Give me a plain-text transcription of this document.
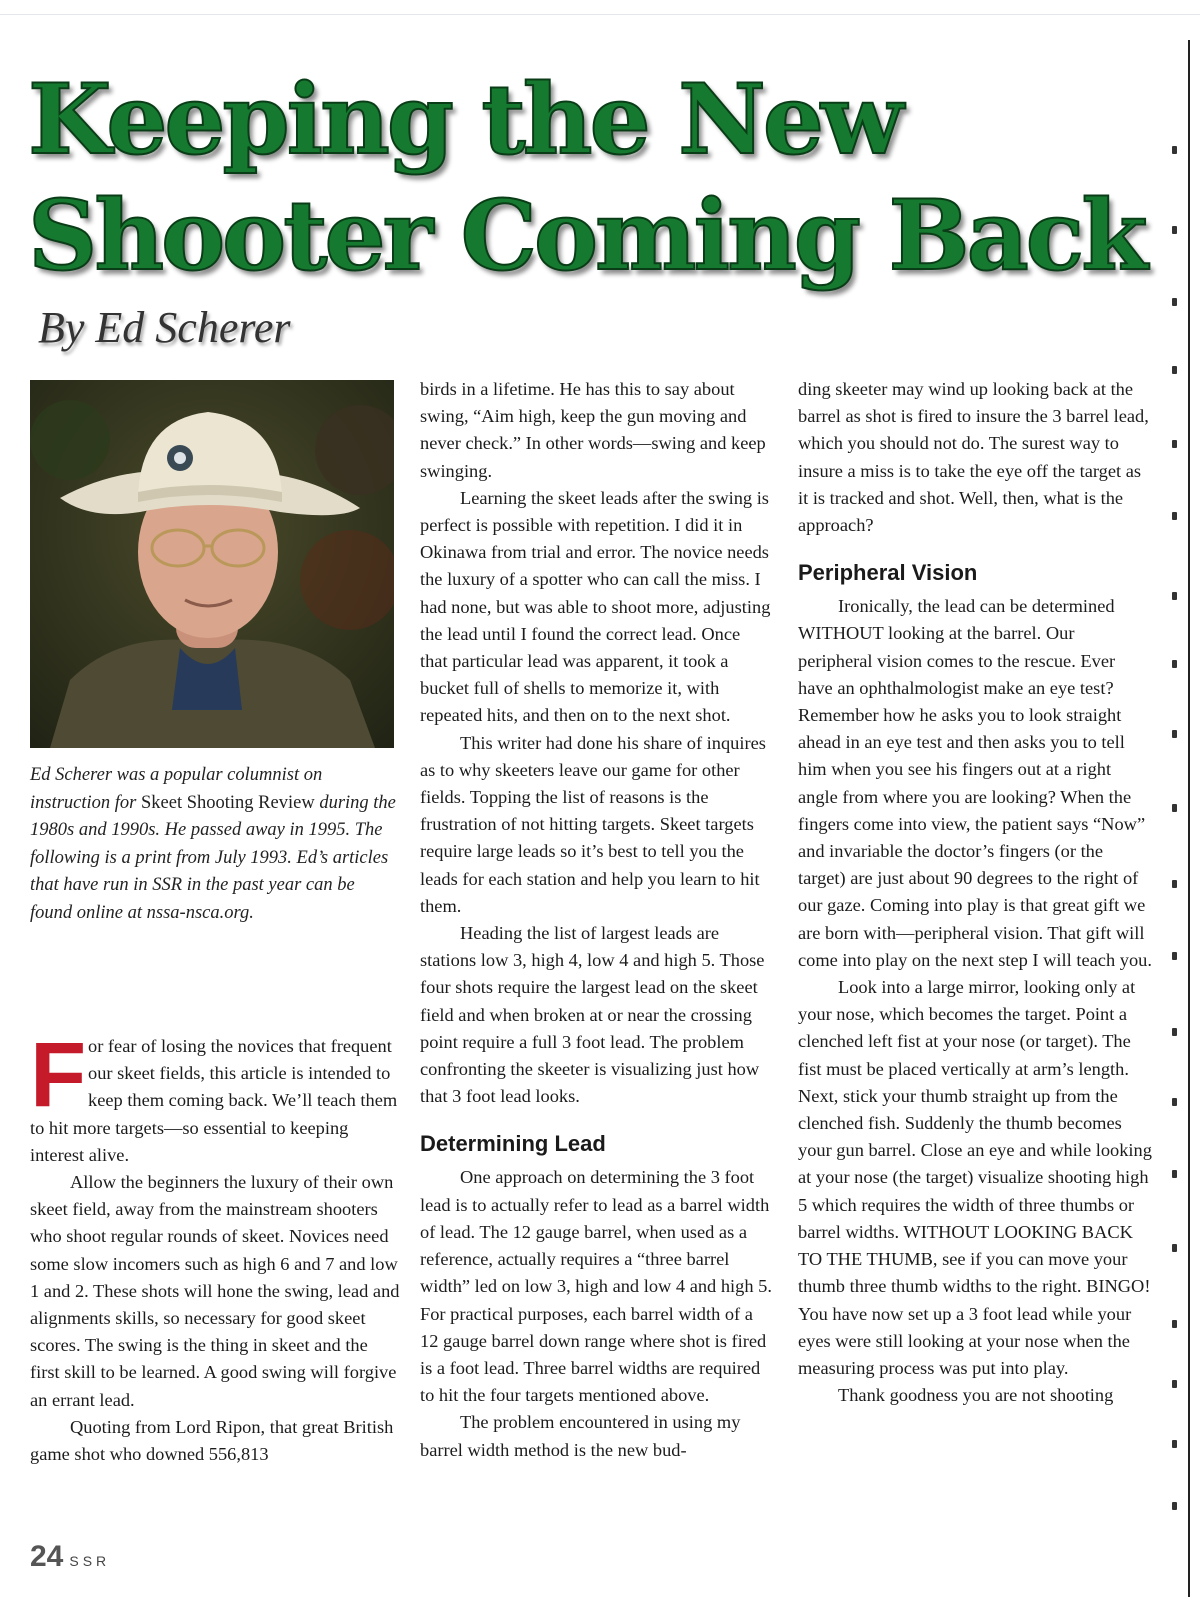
Keeping the New Shooter Coming Back

By Ed Scherer

Ed Scherer was a popular columnist on instruction for Skeet Shooting Review during the 1980s and 1990s. He passed away in 1995. The following is a print from July 1993. Ed’s articles that have run in SSR in the past year can be found online at nssa-nsca.org.

For fear of losing the novices that frequent our skeet fields, this article is intended to keep them coming back. We’ll teach them to hit more targets—so essential to keeping interest alive.

Allow the beginners the luxury of their own skeet field, away from the mainstream shooters who shoot regular rounds of skeet. Novices need some slow incomers such as high 6 and 7 and low 1 and 2. These shots will hone the swing, lead and alignments skills, so necessary for good skeet scores. The swing is the thing in skeet and the first skill to be learned. A good swing will forgive an errant lead.

Quoting from Lord Ripon, that great British game shot who downed 556,813

birds in a lifetime. He has this to say about swing, “Aim high, keep the gun moving and never check.” In other words—swing and keep swinging.

Learning the skeet leads after the swing is perfect is possible with repetition. I did it in Okinawa from trial and error. The novice needs the luxury of a spotter who can call the miss. I had none, but was able to shoot more, adjusting the lead until I found the correct lead. Once that particular lead was apparent, it took a bucket full of shells to memorize it, with repeated hits, and then on to the next shot.

This writer had done his share of inquires as to why skeeters leave our game for other fields. Topping the list of reasons is the frustration of not hitting targets. Skeet targets require large leads so it’s best to tell you the leads for each station and help you learn to hit them.

Heading the list of largest leads are stations low 3, high 4, low 4 and high 5. Those four shots require the largest lead on the skeet field and when broken at or near the crossing point require a full 3 foot lead. The problem confronting the skeeter is visualizing just how that 3 foot lead looks.

Determining Lead

One approach on determining the 3 foot lead is to actually refer to lead as a barrel width of lead. The 12 gauge barrel, when used as a reference, actually requires a “three barrel width” led on low 3, high and low 4 and high 5. For practical purposes, each barrel width of a 12 gauge barrel down range where shot is fired is a foot lead. Three barrel widths are required to hit the four targets mentioned above.

The problem encountered in using my barrel width method is the new bud-

ding skeeter may wind up looking back at the barrel as shot is fired to insure the 3 barrel lead, which you should not do. The surest way to insure a miss is to take the eye off the target as it is tracked and shot. Well, then, what is the approach?

Peripheral Vision

Ironically, the lead can be determined WITHOUT looking at the barrel. Our peripheral vision comes to the rescue. Ever have an ophthalmologist make an eye test? Remember how he asks you to look straight ahead in an eye test and then asks you to tell him when you see his fingers out at a right angle from where you are looking? When the fingers come into view, the patient says “Now” and invariable the doctor’s fingers (or the target) are just about 90 degrees to the right of our gaze. Coming into play is that great gift we are born with—peripheral vision. That gift will come into play on the next step I will teach you.

Look into a large mirror, looking only at your nose, which becomes the target. Point a clenched left fist at your nose (or target). The fist must be placed vertically at arm’s length. Next, stick your thumb straight up from the clenched fish. Suddenly the thumb becomes your gun barrel. Close an eye and while looking at your nose (the target) visualize shooting high 5 which requires the width of three thumbs or barrel widths. WITHOUT LOOKING BACK TO THE THUMB, see if you can move your thumb three thumb widths to the right. BINGO! You have now set up a 3 foot lead while your eyes were still looking at your nose when the measuring process was put into play.

Thank goodness you are not shooting

24 SSR
